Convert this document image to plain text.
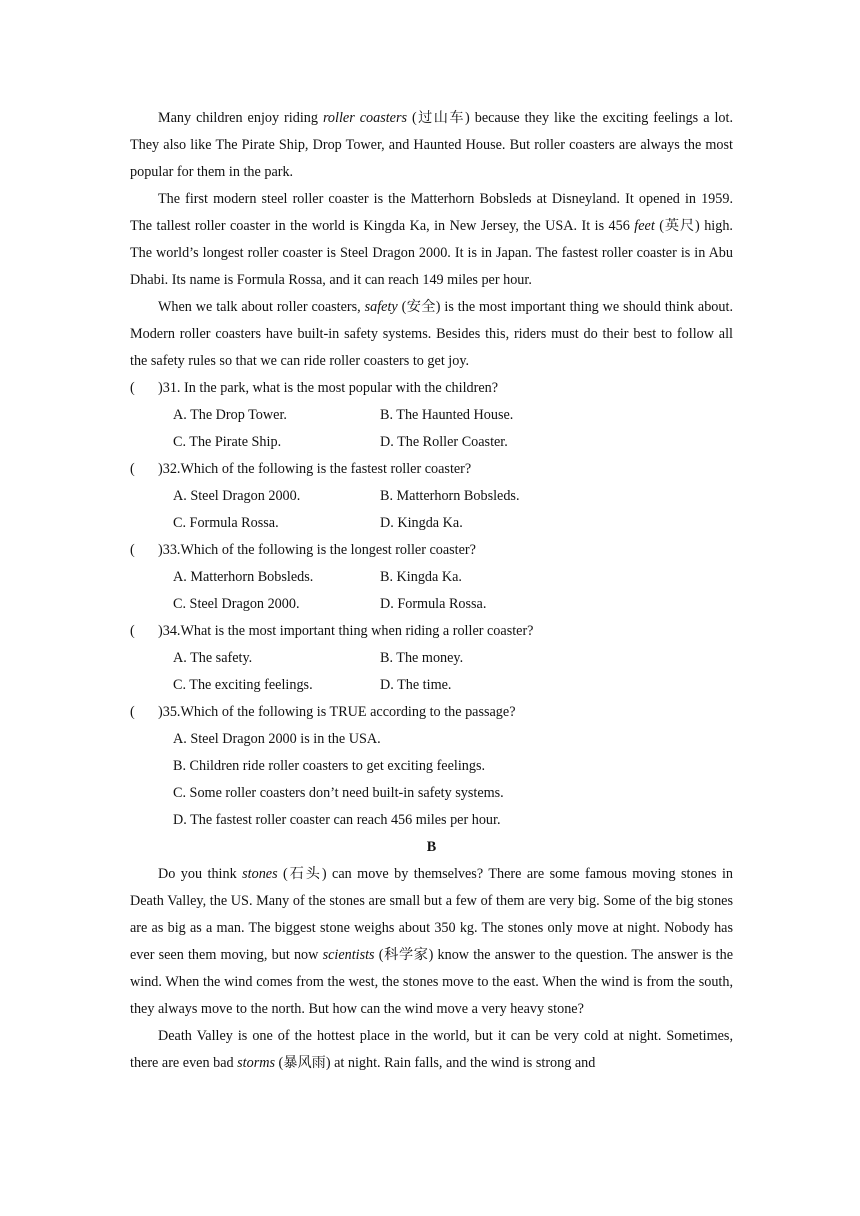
Many children enjoy riding roller coasters (过山车) because they like the exciting feelings a lot. They also like The Pirate Ship, Drop Tower, and Haunted House. But roller coasters are always the most popular for them in the park.

The first modern steel roller coaster is the Matterhorn Bobsleds at Disneyland. It opened in 1959. The tallest roller coaster in the world is Kingda Ka, in New Jersey, the USA. It is 456 feet (英尺) high. The world’s longest roller coaster is Steel Dragon 2000. It is in Japan. The fastest roller coaster is in Abu Dhabi. Its name is Formula Rossa, and it can reach 149 miles per hour.

When we talk about roller coasters, safety (安全) is the most important thing we should think about. Modern roller coasters have built-in safety systems. Besides this, riders must do their best to follow all the safety rules so that we can ride roller coasters to get joy.

( )31. In the park, what is the most popular with the children?
A. The Drop Tower.	B. The Haunted House.
C. The Pirate Ship.	D. The Roller Coaster.
( )32.Which of the following is the fastest roller coaster?
A. Steel Dragon 2000.	B. Matterhorn Bobsleds.
C. Formula Rossa.	D. Kingda Ka.
( )33.Which of the following is the longest roller coaster?
A. Matterhorn Bobsleds.	B. Kingda Ka.
C. Steel Dragon 2000.	D. Formula Rossa.
( )34.What is the most important thing when riding a roller coaster?
A. The safety.	B. The money.
C. The exciting feelings.	D. The time.
( )35.Which of the following is TRUE according to the passage?
A. Steel Dragon 2000 is in the USA.
B. Children ride roller coasters to get exciting feelings.
C. Some roller coasters don’t need built-in safety systems.
D. The fastest roller coaster can reach 456 miles per hour.
B

Do you think stones (石头) can move by themselves? There are some famous moving stones in Death Valley, the US. Many of the stones are small but a few of them are very big. Some of the big stones are as big as a man. The biggest stone weighs about 350 kg. The stones only move at night. Nobody has ever seen them moving, but now scientists (科学家) know the answer to the question. The answer is the wind. When the wind comes from the west, the stones move to the east. When the wind is from the south, they always move to the north. But how can the wind move a very heavy stone?

Death Valley is one of the hottest place in the world, but it can be very cold at night. Sometimes, there are even bad storms (暴风雨) at night. Rain falls, and the wind is strong and
